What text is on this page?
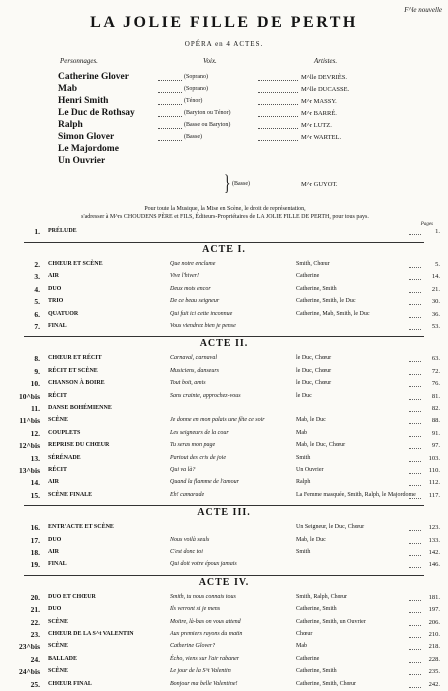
F^le nouvelle
LA JOLIE FILLE DE PERTH
OPÉRA en 4 ACTES.
Personnages.	Voix.	Artistes.
Catherine Glover	(Soprano)	M^lle DEVRIÈS.
Mab	(Soprano)	M^lle DUCASSE.
Henri Smith	(Ténor)	M^r MASSY.
Le Duc de Rothsay	(Baryton ou Ténor)	M^r BARRÉ.
Ralph	(Basse ou Baryton)	M^r LUTZ.
Simon Glover	(Basse)	M^r WARTEL.
Le Majordome
Un Ouvrier
} (Basse)	M^r GUYOT.
Pour toute la Musique, la Mise en Scène, le droit de représentation,
s'adresser à M^rs CHOUDENS PÈRE et FILS, Éditeurs-Propriétaires de LA JOLIE FILLE DE PERTH, pour tous pays.
Pages
1. PRÉLUDE	1.
ACTE I.
2. CHŒUR ET SCÈNE	Que notre enclume	Smith, Chœur	5.
3. AIR	Vive l'hiver!	Catherine	14.
4. DUO	Deux mots encor	Catherine, Smith	21.
5. TRIO	De ce beau seigneur	Catherine, Smith, le Duc	30.
6. QUATUOR	Qui fuit ici cette inconnue	Catherine, Mab, Smith, le Duc	36.
7. FINAL	Vous viendrez bien je pense	53.
ACTE II.
8. CHŒUR ET RÉCIT	Carnaval, carnaval	le Duc, Chœur	63.
9. RÉCIT ET SCÈNE	Musiciens, danseurs	le Duc, Chœur	72.
10. CHANSON À BOIRE	Tout boit, amis	le Duc, Chœur	76.
10^bis RÉCIT	Sans crainte, approchez-vous	le Duc	81.
11. DANSE BOHÉMIENNE	82.
11^bis SCÈNE	Je donne en mon palais une fête ce soir	Mab, le Duc	88.
12. COUPLETS	Les seigneurs de la cour	Mab	91.
12^bis REPRISE DU CHŒUR	Tu seras mon page	Mab, le Duc, Chœur	97.
13. SÉRÉNADE	Partout des cris de joie	Smith	103.
13^bis RÉCIT	Qui va là?	Un Ouvrier	110.
14. AIR	Quand la flamme de l'amour	Ralph	112.
15. SCÈNE FINALE	Eh! camarade	La Femme masquée, Smith, Ralph, le Majordome 117.
ACTE III.
16. ENTR'ACTE ET SCÈNE	Un Seigneur, le Duc, Chœur	123.
17. DUO	Nous voilà seuls	Mab, le Duc	133.
18. AIR	C'est donc toi	Smith	142.
19. FINAL	Qui doit votre époux jamais	146.
ACTE IV.
20. DUO ET CHŒUR	Smith, tu nous connais tous	Smith, Ralph, Chœur	181.
21. DUO	Ils verront si je mens	Catherine, Smith	197.
22. SCÈNE	Moitre, là-bas on vous attend	Catherine, Smith, un Ouvrier	206.
23. CHŒUR DE LA S^t VALENTIN	Aux premiers rayons du matin	Chœur	210.
23^bis SCÈNE	Catherine Glover?	Mab	218.
24. BALLADE	Écho, viens sur l'air rabaner	Catherine	228.
24^bis SCÈNE	Le jour de la S^t Valentin	Catherine, Smith	235.
25. CHŒUR FINAL	Bonjour ma belle Valentine!	Catherine, Smith, Chœur	242.
